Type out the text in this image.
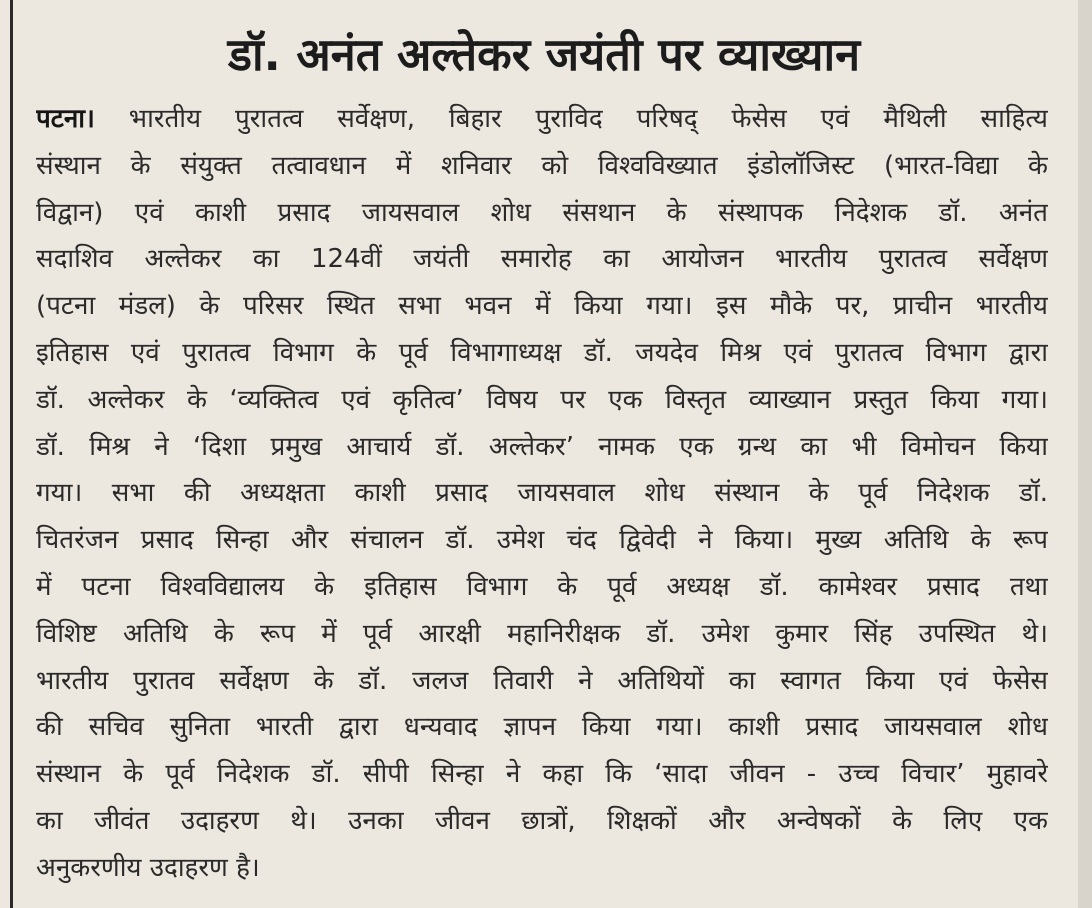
डॉ. अनंत अल्तेकर जयंती पर व्याख्यान
पटना। भारतीय पुरातत्व सर्वेक्षण, बिहार पुराविद परिषद् फेसेस एवं मैथिली साहित्य
संस्थान के संयुक्त तत्वावधान में शनिवार को विश्वविख्यात इंडोलॉजिस्ट (भारत-विद्या के
विद्वान) एवं काशी प्रसाद जायसवाल शोध संसथान के संस्थापक निदेशक डॉ. अनंत
सदाशिव अल्तेकर का 124वीं जयंती समारोह का आयोजन भारतीय पुरातत्व सर्वेक्षण
(पटना मंडल) के परिसर स्थित सभा भवन में किया गया। इस मौके पर, प्राचीन भारतीय
इतिहास एवं पुरातत्व विभाग के पूर्व विभागाध्यक्ष डॉ. जयदेव मिश्र एवं पुरातत्व विभाग द्वारा
डॉ. अल्तेकर के ‘व्यक्तित्व एवं कृतित्व’ विषय पर एक विस्तृत व्याख्यान प्रस्तुत किया गया।
डॉ. मिश्र ने ‘दिशा प्रमुख आचार्य डॉ. अल्तेकर’ नामक एक ग्रन्थ का भी विमोचन किया
गया। सभा की अध्यक्षता काशी प्रसाद जायसवाल शोध संस्थान के पूर्व निदेशक डॉ.
चितरंजन प्रसाद सिन्हा और संचालन डॉ. उमेश चंद द्विवेदी ने किया। मुख्य अतिथि के रूप
में पटना विश्वविद्यालय के इतिहास विभाग के पूर्व अध्यक्ष डॉ. कामेश्वर प्रसाद तथा
विशिष्ट अतिथि के रूप में पूर्व आरक्षी महानिरीक्षक डॉ. उमेश कुमार सिंह उपस्थित थे।
भारतीय पुरातव सर्वेक्षण के डॉ. जलज तिवारी ने अतिथियों का स्वागत किया एवं फेसेस
की सचिव सुनिता भारती द्वारा धन्यवाद ज्ञापन किया गया। काशी प्रसाद जायसवाल शोध
संस्थान के पूर्व निदेशक डॉ. सीपी सिन्हा ने कहा कि ‘सादा जीवन - उच्च विचार’ मुहावरे
का जीवंत उदाहरण थे। उनका जीवन छात्रों, शिक्षकों और अन्वेषकों के लिए एक
अनुकरणीय उदाहरण है।
